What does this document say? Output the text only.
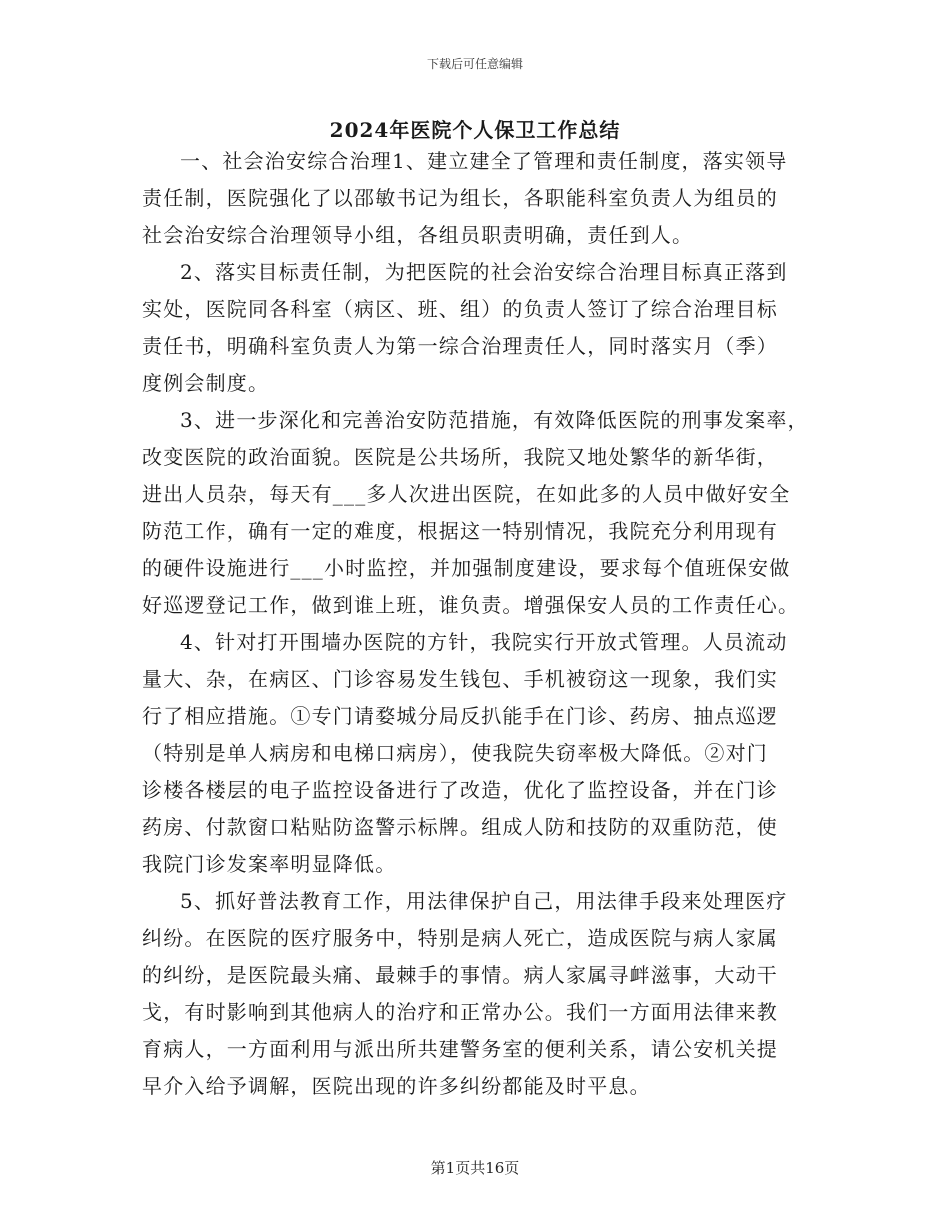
下载后可任意编辑
2024年医院个人保卫工作总结
一、社会治安综合治理1、建立建全了管理和责任制度，落实领导
责任制，医院强化了以邵敏书记为组长，各职能科室负责人为组员的
社会治安综合治理领导小组，各组员职责明确，责任到人。
2、落实目标责任制，为把医院的社会治安综合治理目标真正落到
实处，医院同各科室（病区、班、组）的负责人签订了综合治理目标
责任书，明确科室负责人为第一综合治理责任人，同时落实月（季）
度例会制度。
3、进一步深化和完善治安防范措施，有效降低医院的刑事发案率，
改变医院的政治面貌。医院是公共场所，我院又地处繁华的新华街，
进出人员杂，每天有___多人次进出医院，在如此多的人员中做好安全
防范工作，确有一定的难度，根据这一特别情况，我院充分利用现有
的硬件设施进行___小时监控，并加强制度建设，要求每个值班保安做
好巡逻登记工作，做到谁上班，谁负责。增强保安人员的工作责任心。
4、针对打开围墙办医院的方针，我院实行开放式管理。人员流动
量大、杂，在病区、门诊容易发生钱包、手机被窃这一现象，我们实
行了相应措施。①专门请婺城分局反扒能手在门诊、药房、抽点巡逻
（特别是单人病房和电梯口病房），使我院失窃率极大降低。②对门
诊楼各楼层的电子监控设备进行了改造，优化了监控设备，并在门诊
药房、付款窗口粘贴防盗警示标牌。组成人防和技防的双重防范，使
我院门诊发案率明显降低。
5、抓好普法教育工作，用法律保护自己，用法律手段来处理医疗
纠纷。在医院的医疗服务中，特别是病人死亡，造成医院与病人家属
的纠纷，是医院最头痛、最棘手的事情。病人家属寻衅滋事，大动干
戈，有时影响到其他病人的治疗和正常办公。我们一方面用法律来教
育病人，一方面利用与派出所共建警务室的便利关系，请公安机关提
早介入给予调解，医院出现的许多纠纷都能及时平息。
第1页共16页
